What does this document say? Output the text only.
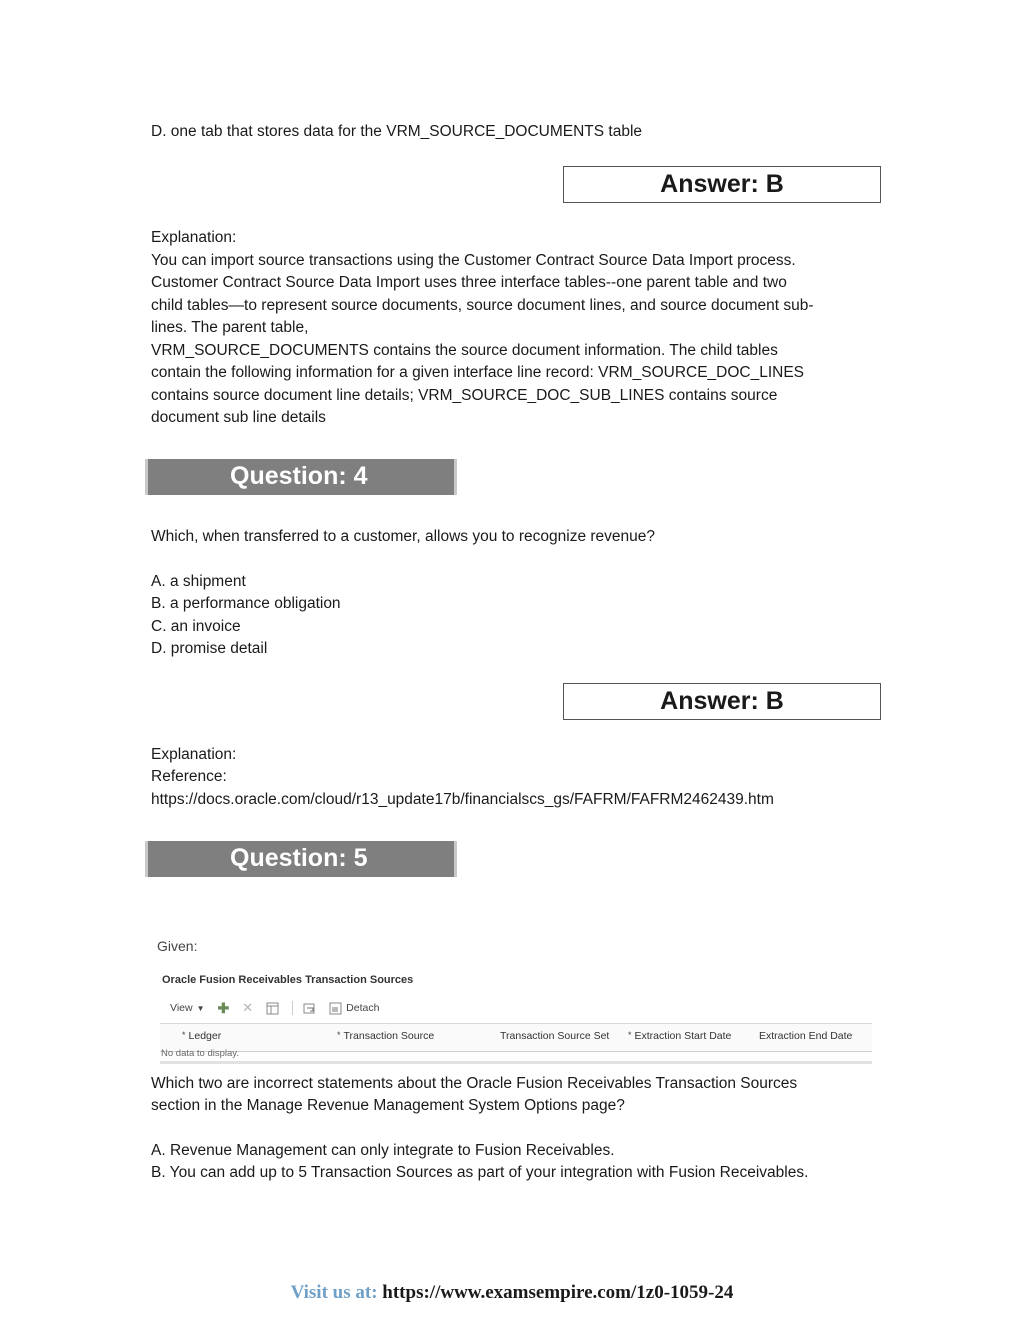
D. one tab that stores data for the VRM_SOURCE_DOCUMENTS table
Answer: B
Explanation:
You can import source transactions using the Customer Contract Source Data Import process.
Customer Contract Source Data Import uses three interface tables--one parent table and two
child tables—to represent source documents, source document lines, and source document sub-
lines. The parent table,
VRM_SOURCE_DOCUMENTS contains the source document information. The child tables
contain the following information for a given interface line record: VRM_SOURCE_DOC_LINES
contains source document line details; VRM_SOURCE_DOC_SUB_LINES contains source
document sub line details
Question: 4
Which, when transferred to a customer, allows you to recognize revenue?
A. a shipment
B. a performance obligation
C. an invoice
D. promise detail
Answer: B
Explanation:
Reference:
https://docs.oracle.com/cloud/r13_update17b/financialscs_gs/FAFRM/FAFRM2462439.htm
Question: 5
Given:
Oracle Fusion Receivables Transaction Sources
View ▼ ✚ ✕	Detach
* Ledger	* Transaction Source	Transaction Source Set * Extraction Start Date	Extraction End Date
No data to display.
Which two are incorrect statements about the Oracle Fusion Receivables Transaction Sources
section in the Manage Revenue Management System Options page?
A. Revenue Management can only integrate to Fusion Receivables.
B. You can add up to 5 Transaction Sources as part of your integration with Fusion Receivables.
Visit us at: https://www.examsempire.com/1z0-1059-24
